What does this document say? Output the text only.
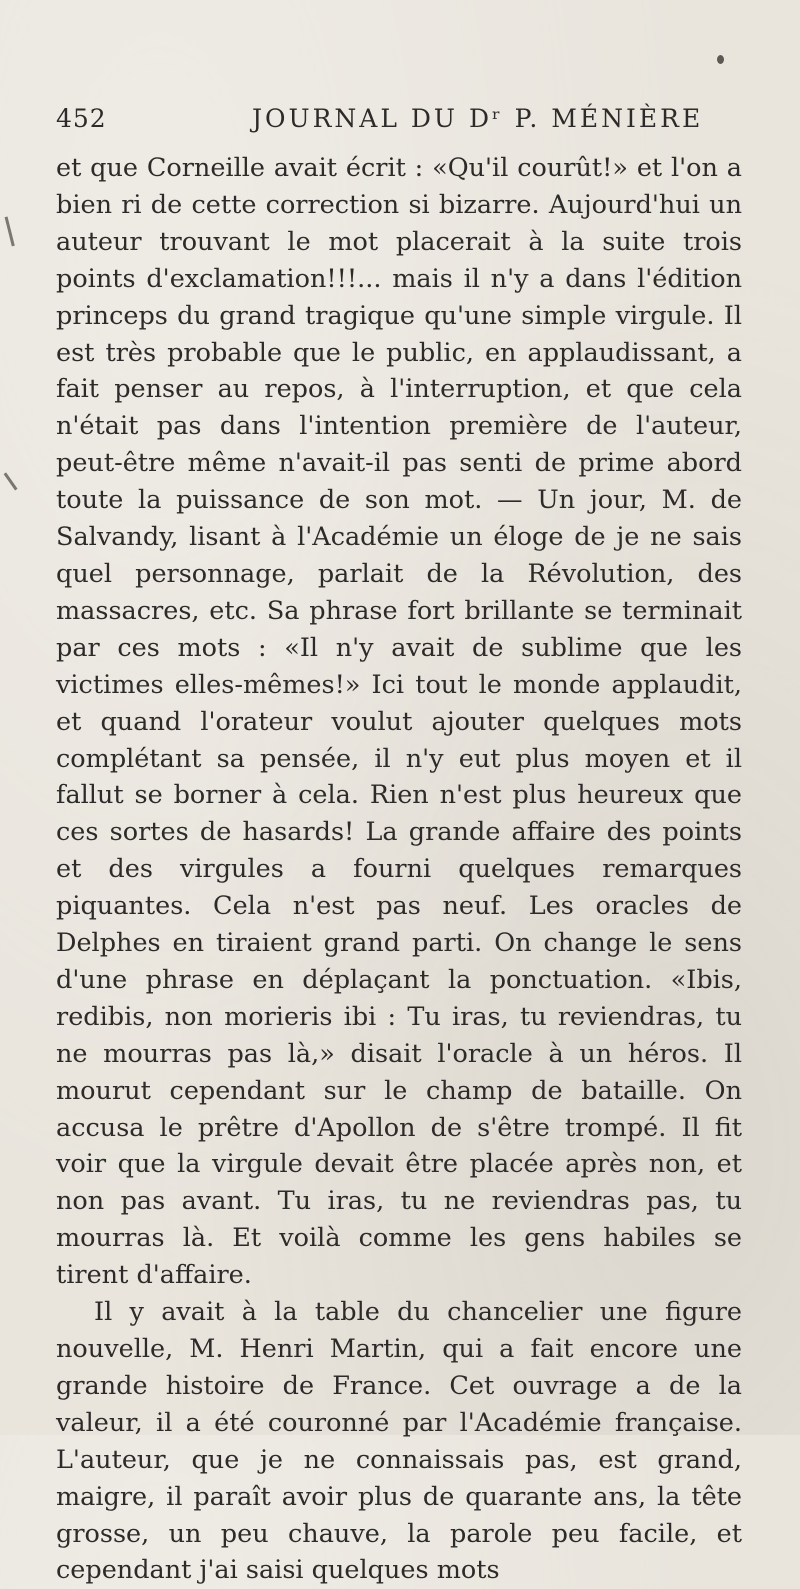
452	JOURNAL DU Dʳ P. MÉNIÈRE

et que Corneille avait écrit : «Qu'il courût!» et l'on a bien ri de cette correction si bizarre. Aujourd'hui un auteur trouvant le mot placerait à la suite trois points d'exclamation!!!... mais il n'y a dans l'édition princeps du grand tragique qu'une simple virgule. Il est très probable que le public, en applaudissant, a fait penser au repos, à l'interruption, et que cela n'était pas dans l'intention première de l'auteur, peut-être même n'avait-il pas senti de prime abord toute la puissance de son mot. — Un jour, M. de Salvandy, lisant à l'Académie un éloge de je ne sais quel personnage, parlait de la Révolution, des massacres, etc. Sa phrase fort brillante se terminait par ces mots : «Il n'y avait de sublime que les victimes elles-mêmes!» Ici tout le monde applaudit, et quand l'orateur voulut ajouter quelques mots complétant sa pensée, il n'y eut plus moyen et il fallut se borner à cela. Rien n'est plus heureux que ces sortes de hasards! La grande affaire des points et des virgules a fourni quelques remarques piquantes. Cela n'est pas neuf. Les oracles de Delphes en tiraient grand parti. On change le sens d'une phrase en déplaçant la ponctuation. «Ibis, redibis, non morieris ibi : Tu iras, tu reviendras, tu ne mourras pas là,» disait l'oracle à un héros. Il mourut cependant sur le champ de bataille. On accusa le prêtre d'Apollon de s'être trompé. Il fit voir que la virgule devait être placée après non, et non pas avant. Tu iras, tu ne reviendras pas, tu mourras là. Et voilà comme les gens habiles se tirent d'affaire.

Il y avait à la table du chancelier une figure nouvelle, M. Henri Martin, qui a fait encore une grande histoire de France. Cet ouvrage a de la valeur, il a été couronné par l'Académie française. L'auteur, que je ne connaissais pas, est grand, maigre, il paraît avoir plus de quarante ans, la tête grosse, un peu chauve, la parole peu facile, et cependant j'ai saisi quelques mots
